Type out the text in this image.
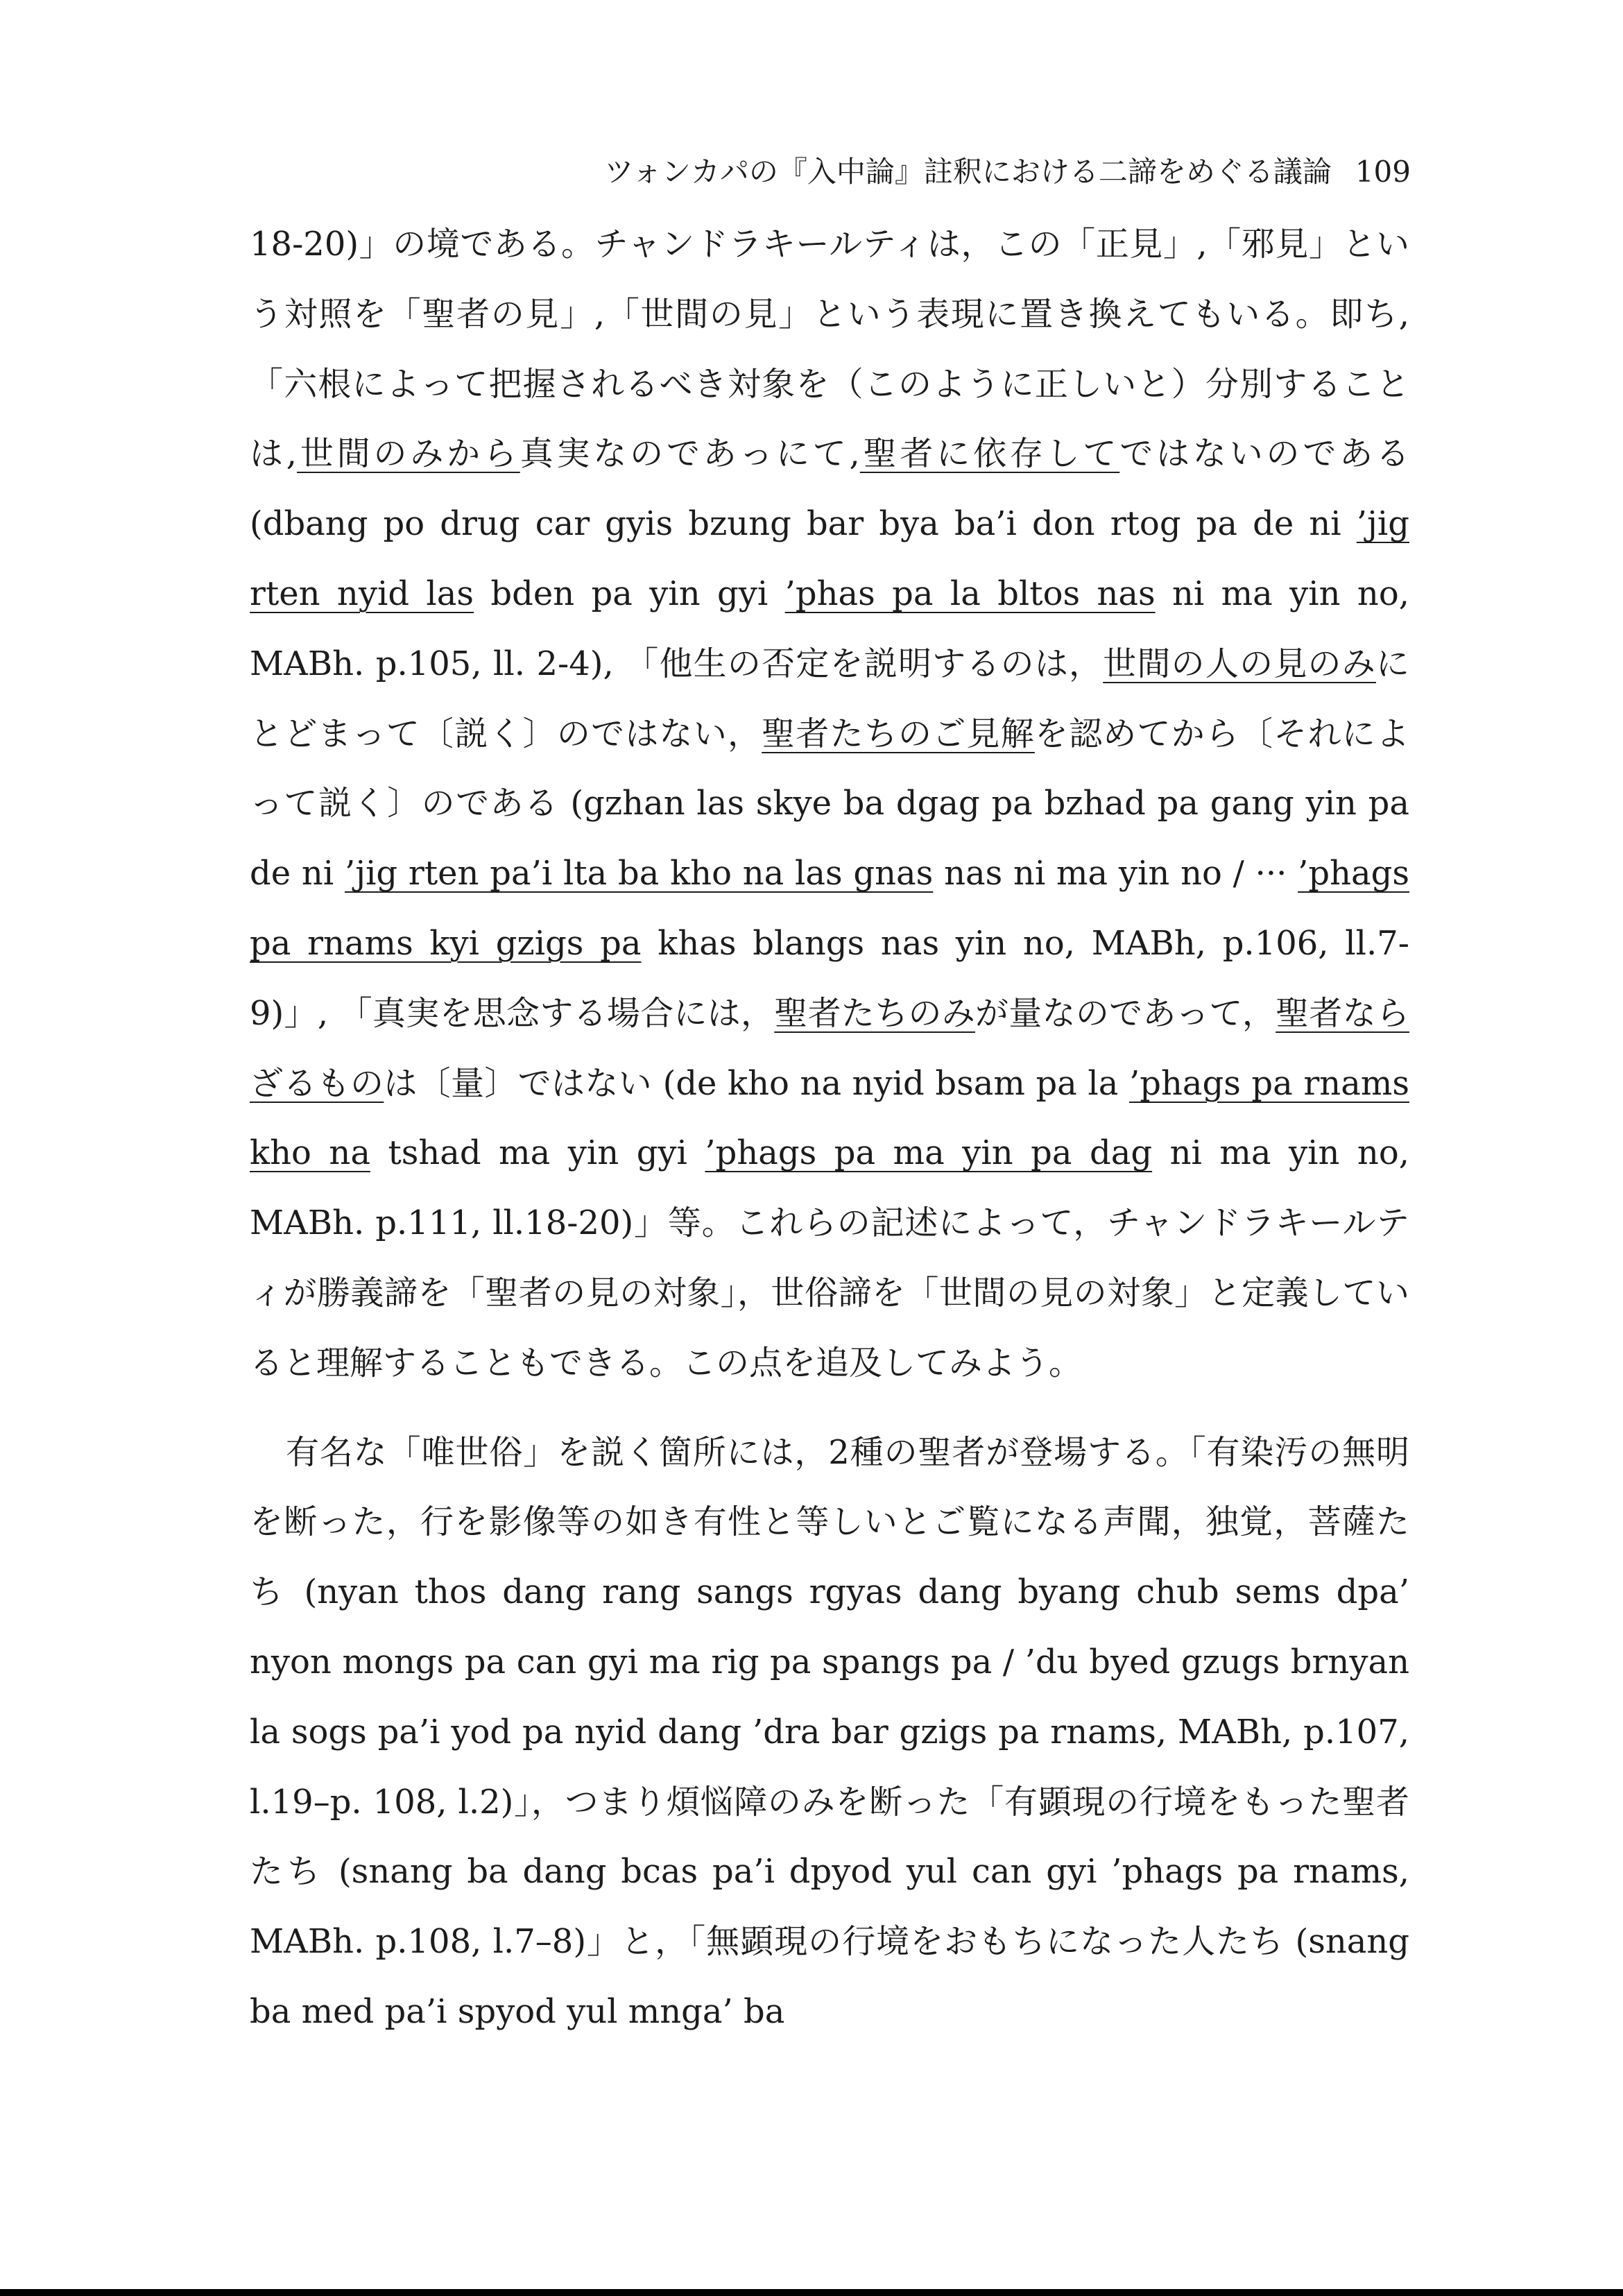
ツォンカパの『入中論』註釈における二諦をめぐる議論 109

18-20)」の境である。チャンドラキールティは，この「正見」,「邪見」という対照を「聖者の見」,「世間の見」という表現に置き換えてもいる。即ち,「六根によって把握されるべき対象を（このように正しいと）分別することは,世間のみから真実なのであっにて,聖者に依存してではないのである (dbang po drug car gyis bzung bar bya ba’i don rtog pa de ni ’jig rten nyid las bden pa yin gyi ’phas pa la bltos nas ni ma yin no, MABh. p.105, ll. 2-4), 「他生の否定を説明するのは，世間の人の見のみにとどまって〔説く〕のではない，聖者たちのご見解を認めてから〔それによって説く〕のである (gzhan las skye ba dgag pa bzhad pa gang yin pa de ni ’jig rten pa’i lta ba kho na las gnas nas ni ma yin no / ··· ’phags pa rnams kyi gzigs pa khas blangs nas yin no, MABh, p.106, ll.7-9)」, 「真実を思念する場合には，聖者たちのみが量なのであって，聖者ならざるものは〔量〕ではない (de kho na nyid bsam pa la ’phags pa rnams kho na tshad ma yin gyi ’phags pa ma yin pa dag ni ma yin no, MABh. p.111, ll.18-20)」等。これらの記述によって，チャンドラキールティが勝義諦を「聖者の見の対象」，世俗諦を「世間の見の対象」と定義していると理解することもできる。この点を追及してみよう。

有名な「唯世俗」を説く箇所には，2種の聖者が登場する。「有染汚の無明を断った，行を影像等の如き有性と等しいとご覧になる声聞，独覚，菩薩たち (nyan thos dang rang sangs rgyas dang byang chub sems dpa’ nyon mongs pa can gyi ma rig pa spangs pa / ’du byed gzugs brnyan la sogs pa’i yod pa nyid dang ’dra bar gzigs pa rnams, MABh, p.107, l.19–p. 108, l.2)」，つまり煩悩障のみを断った「有顕現の行境をもった聖者たち (snang ba dang bcas pa’i dpyod yul can gyi ’phags pa rnams, MABh. p.108, l.7–8)」と，「無顕現の行境をおもちになった人たち (snang ba med pa’i spyod yul mnga’ ba
